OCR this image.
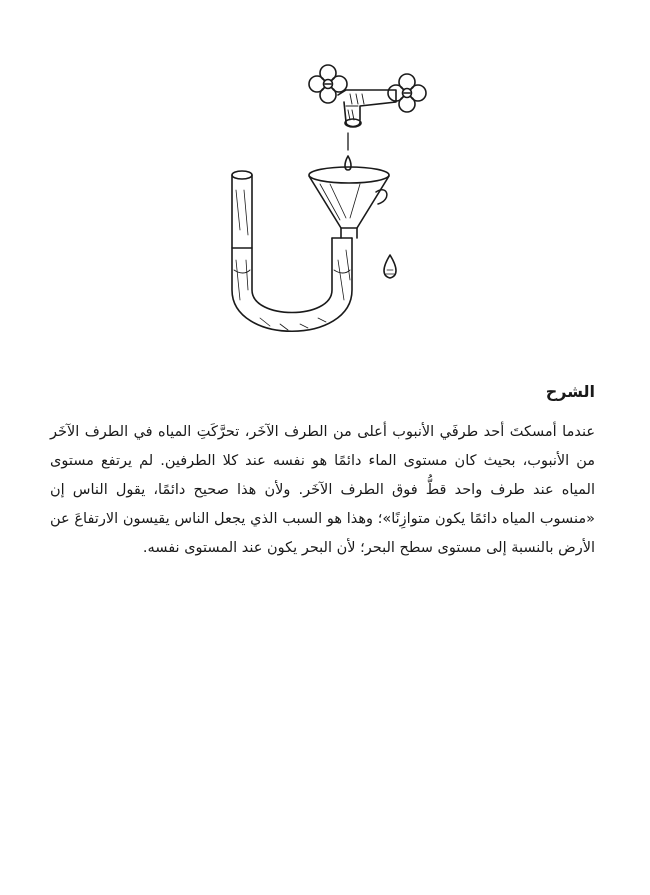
الشرح

عندما أمسكتَ أحد طرفَي الأنبوب أعلى من الطرف الآخَر، تحرَّكَتِ المياه في الطرف الآخَر من الأنبوب، بحيث كان مستوى الماء دائمًا هو نفسه عند كلا الطرفين. لم يرتفع مستوى المياه عند طرف واحد قطُّ فوق الطرف الآخَر. ولأن هذا صحيح دائمًا، يقول الناس إن «منسوب المياه دائمًا يكون متوازِنًا»؛ وهذا هو السبب الذي يجعل الناس يقيسون الارتفاعَ عن الأرض بالنسبة إلى مستوى سطح البحر؛ لأن البحر يكون عند المستوى نفسه.
